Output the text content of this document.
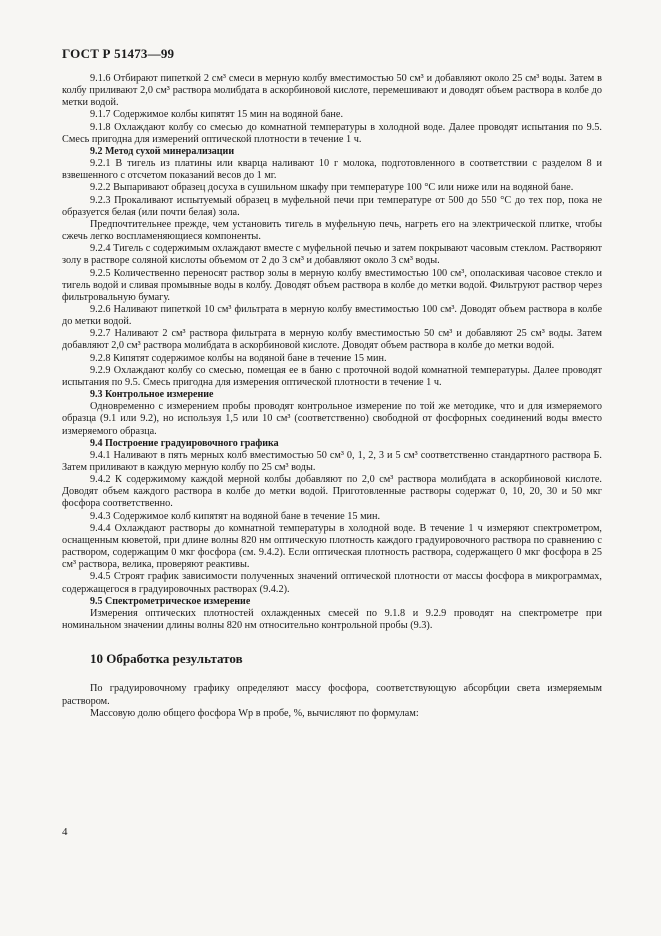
ГОСТ Р 51473—99

9.1.6 Отбирают пипеткой 2 см³ смеси в мерную колбу вместимостью 50 см³ и добавляют около 25 см³ воды. Затем в колбу приливают 2,0 см³ раствора молибдата в аскорбиновой кислоте, перемешивают и доводят объем раствора в колбе до метки водой.

9.1.7 Содержимое колбы кипятят 15 мин на водяной бане.

9.1.8 Охлаждают колбу со смесью до комнатной температуры в холодной воде. Далее проводят испытания по 9.5. Смесь пригодна для измерений оптической плотности в течение 1 ч.

9.2 Метод сухой минерализации

9.2.1 В тигель из платины или кварца наливают 10 г молока, подготовленного в соответствии с разделом 8 и взвешенного с отсчетом показаний весов до 1 мг.

9.2.2 Выпаривают образец досуха в сушильном шкафу при температуре 100 °С или ниже или на водяной бане.

9.2.3 Прокаливают испытуемый образец в муфельной печи при температуре от 500 до 550 °С до тех пор, пока не образуется белая (или почти белая) зола.

Предпочтительнее прежде, чем установить тигель в муфельную печь, нагреть его на электрической плитке, чтобы сжечь легко воспламеняющиеся компоненты.

9.2.4 Тигель с содержимым охлаждают вместе с муфельной печью и затем покрывают часовым стеклом. Растворяют золу в растворе соляной кислоты объемом от 2 до 3 см³ и добавляют около 3 см³ воды.

9.2.5 Количественно переносят раствор золы в мерную колбу вместимостью 100 см³, ополаскивая часовое стекло и тигель водой и сливая промывные воды в колбу. Доводят объем раствора в колбе до метки водой. Фильтруют раствор через фильтровальную бумагу.

9.2.6 Наливают пипеткой 10 см³ фильтрата в мерную колбу вместимостью 100 см³. Доводят объем раствора в колбе до метки водой.

9.2.7 Наливают 2 см³ раствора фильтрата в мерную колбу вместимостью 50 см³ и добавляют 25 см³ воды. Затем добавляют 2,0 см³ раствора молибдата в аскорбиновой кислоте. Доводят объем раствора в колбе до метки водой.

9.2.8 Кипятят содержимое колбы на водяной бане в течение 15 мин.

9.2.9 Охлаждают колбу со смесью, помещая ее в баню с проточной водой комнатной температуры. Далее проводят испытания по 9.5. Смесь пригодна для измерения оптической плотности в течение 1 ч.

9.3 Контрольное измерение

Одновременно с измерением пробы проводят контрольное измерение по той же методике, что и для измеряемого образца (9.1 или 9.2), но используя 1,5 или 10 см³ (соответственно) свободной от фосфорных соединений воды вместо измеряемого образца.

9.4 Построение градуировочного графика

9.4.1 Наливают в пять мерных колб вместимостью 50 см³ 0, 1, 2, 3 и 5 см³ соответственно стандартного раствора Б. Затем приливают в каждую мерную колбу по 25 см³ воды.

9.4.2 К содержимому каждой мерной колбы добавляют по 2,0 см³ раствора молибдата в аскорбиновой кислоте. Доводят объем каждого раствора в колбе до метки водой. Приготовленные растворы содержат 0, 10, 20, 30 и 50 мкг фосфора соответственно.

9.4.3 Содержимое колб кипятят на водяной бане в течение 15 мин.

9.4.4 Охлаждают растворы до комнатной температуры в холодной воде. В течение 1 ч измеряют спектрометром, оснащенным кюветой, при длине волны 820 нм оптическую плотность каждого градуировочного раствора по сравнению с раствором, содержащим 0 мкг фосфора (см. 9.4.2). Если оптическая плотность раствора, содержащего 0 мкг фосфора в 25 см³ раствора, велика, проверяют реактивы.

9.4.5 Строят график зависимости полученных значений оптической плотности от массы фосфора в микрограммах, содержащегося в градуировочных растворах (9.4.2).

9.5 Спектрометрическое измерение

Измерения оптических плотностей охлажденных смесей по 9.1.8 и 9.2.9 проводят на спектрометре при номинальном значении длины волны 820 нм относительно контрольной пробы (9.3).

10 Обработка результатов

По градуировочному графику определяют массу фосфора, соответствующую абсорбции света измеряемым раствором.

Массовую долю общего фосфора Wр в пробе, %, вычисляют по формулам:

4
